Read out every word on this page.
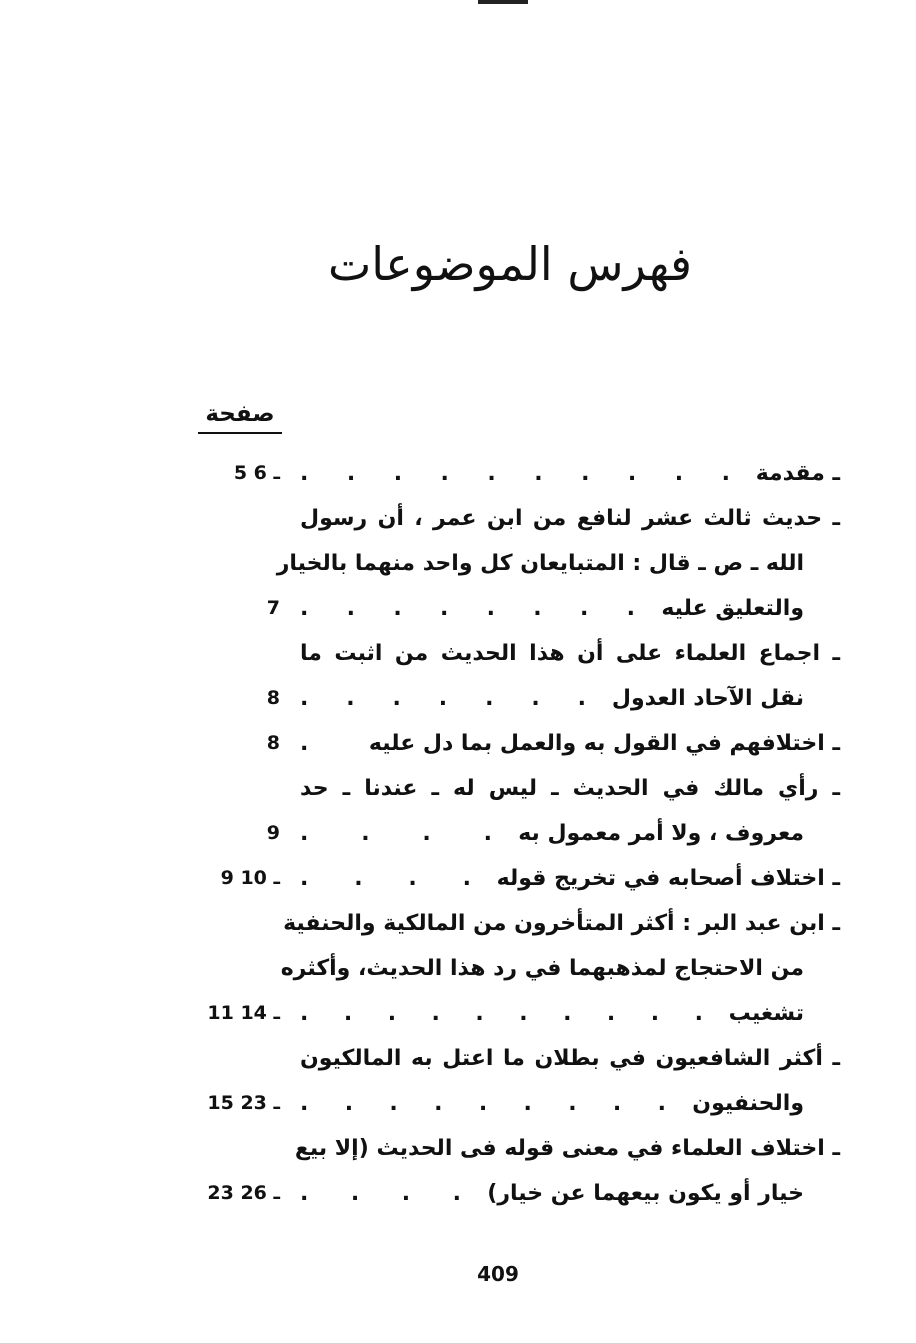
فهرس الموضوعات
صفحة
ـ مقدمة
. . . . . . . . . .
5 ـ 6
ـ حديث ثالث عشر لنافع من ابن عمر ، أن رسول
الله ـ ص ـ قال : المتبايعان كل واحد منهما بالخيار
والتعليق عليه
. . . . . . . .
7
ـ اجماع العلماء على أن هذا الحديث من اثبت ما
نقل الآحاد العدول
. . . . . . .
8
ـ اختلافهم في القول به والعمل بما دل عليه
.
8
ـ رأي مالك في الحديث ـ ليس له ـ عندنا ـ حد
معروف ، ولا أمر معمول به
. . . .
9
ـ اختلاف أصحابه في تخريج قوله
. . . .
9 ـ 10
ـ ابن عبد البر : أكثر المتأخرون من المالكية والحنفية
من الاحتجاج لمذهبهما في رد هذا الحديث، وأكثره
تشغيب
. . . . . . . . . .
11 ـ 14
ـ أكثر الشافعيون في بطلان ما اعتل به المالكيون
والحنفيون
. . . . . . . . .
15 ـ 23
ـ اختلاف العلماء في معنى قوله فى الحديث (إلا بيع
خيار أو يكون بيعهما عن خيار)
. . . .
23 ـ 26
409
